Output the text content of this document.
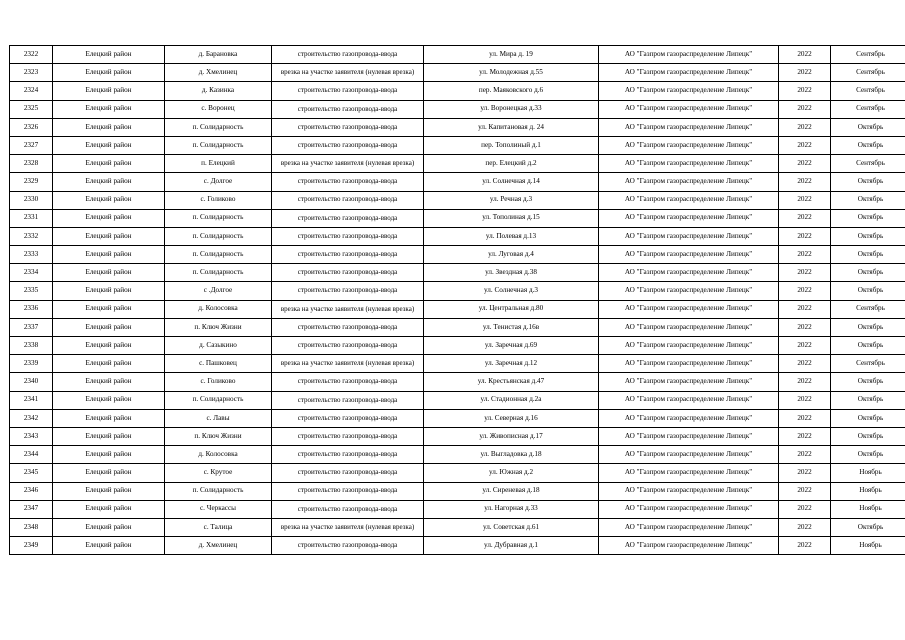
2322	Елецкий район	д. Барановка	строительство газопровода-ввода	ул. Мира д. 19	АО "Газпром газораспределение Липецк"	2022	Сентябрь
2323	Елецкий район	д. Хмелинец	врезка на участке заявителя (нулевая врезка)	ул. Молодежная д.55	АО "Газпром газораспределение Липецк"	2022	Сентябрь
2324	Елецкий район	д. Казинка	строительство газопровода-ввода	пер. Маяковского д.6	АО "Газпром газораспределение Липецк"	2022	Сентябрь
2325	Елецкий район	с. Воронец	строительство газопровода-ввода	ул. Воронецкая д.33	АО "Газпром газораспределение Липецк"	2022	Сентябрь
2326	Елецкий район	п. Солидарность	строительство газопровода-ввода	ул. Капитановая д. 24	АО "Газпром газораспределение Липецк"	2022	Октябрь
2327	Елецкий район	п. Солидарность	строительство газопровода-ввода	пер. Тополиный д.1	АО "Газпром газораспределение Липецк"	2022	Октябрь
2328	Елецкий район	п. Елецкий	врезка на участке заявителя (нулевая врезка)	пер. Елецкий д.2	АО "Газпром газораспределение Липецк"	2022	Сентябрь
2329	Елецкий район	с. Долгое	строительство газопровода-ввода	ул. Солнечная д.14	АО "Газпром газораспределение Липецк"	2022	Октябрь
2330	Елецкий район	с. Голиково	строительство газопровода-ввода	ул. Речная д.3	АО "Газпром газораспределение Липецк"	2022	Октябрь
2331	Елецкий район	п. Солидарность	строительство газопровода-ввода	ул. Тополиная д.15	АО "Газпром газораспределение Липецк"	2022	Октябрь
2332	Елецкий район	п. Солидарность	строительство газопровода-ввода	ул. Полевая д.13	АО "Газпром газораспределение Липецк"	2022	Октябрь
2333	Елецкий район	п. Солидарность	строительство газопровода-ввода	ул. Луговая д.4	АО "Газпром газораспределение Липецк"	2022	Октябрь
2334	Елецкий район	п. Солидарность	строительство газопровода-ввода	ул. Звездная д.38	АО "Газпром газораспределение Липецк"	2022	Октябрь
2335	Елецкий район	с .Долгое	строительство газопровода-ввода	ул. Солнечная д.3	АО "Газпром газораспределение Липецк"	2022	Октябрь
2336	Елецкий район	д. Колосовка	врезка на участке заявителя (нулевая врезка)	ул. Центральная д.80	АО "Газпром газораспределение Липецк"	2022	Сентябрь
2337	Елецкий район	п. Ключ Жизни	строительство газопровода-ввода	ул. Тенистая д.16в	АО "Газпром газораспределение Липецк"	2022	Октябрь
2338	Елецкий район	д. Сазыкино	строительство газопровода-ввода	ул. Заречная д.69	АО "Газпром газораспределение Липецк"	2022	Октябрь
2339	Елецкий район	с. Пашковец	врезка на участке заявителя (нулевая врезка)	ул. Заречная д.12	АО "Газпром газораспределение Липецк"	2022	Сентябрь
2340	Елецкий район	с. Голиково	строительство газопровода-ввода	ул. Крестьянская д.47	АО "Газпром газораспределение Липецк"	2022	Октябрь
2341	Елецкий район	п. Солидарность	строительство газопровода-ввода	ул. Стадионная д.2а	АО "Газпром газораспределение Липецк"	2022	Октябрь
2342	Елецкий район	с. Лавы	строительство газопровода-ввода	ул. Северная д.16	АО "Газпром газораспределение Липецк"	2022	Октябрь
2343	Елецкий район	п. Ключ Жизни	строительство газопровода-ввода	ул. Живописная д.17	АО "Газпром газораспределение Липецк"	2022	Октябрь
2344	Елецкий район	д. Колосовка	строительство газопровода-ввода	ул. Выгладовка д.18	АО "Газпром газораспределение Липецк"	2022	Октябрь
2345	Елецкий район	с. Крутое	строительство газопровода-ввода	ул. Южная д.2	АО "Газпром газораспределение Липецк"	2022	Ноябрь
2346	Елецкий район	п. Солидарность	строительство газопровода-ввода	ул. Сиреневая д.18	АО "Газпром газораспределение Липецк"	2022	Ноябрь
2347	Елецкий район	с. Черкассы	строительство газопровода-ввода	ул. Нагорная д.33	АО "Газпром газораспределение Липецк"	2022	Ноябрь
2348	Елецкий район	с. Талица	врезка на участке заявителя (нулевая врезка)	ул. Советская д.61	АО "Газпром газораспределение Липецк"	2022	Октябрь
2349	Елецкий район	д. Хмелинец	строительство газопровода-ввода	ул. Дубравная д.1	АО "Газпром газораспределение Липецк"	2022	Ноябрь
